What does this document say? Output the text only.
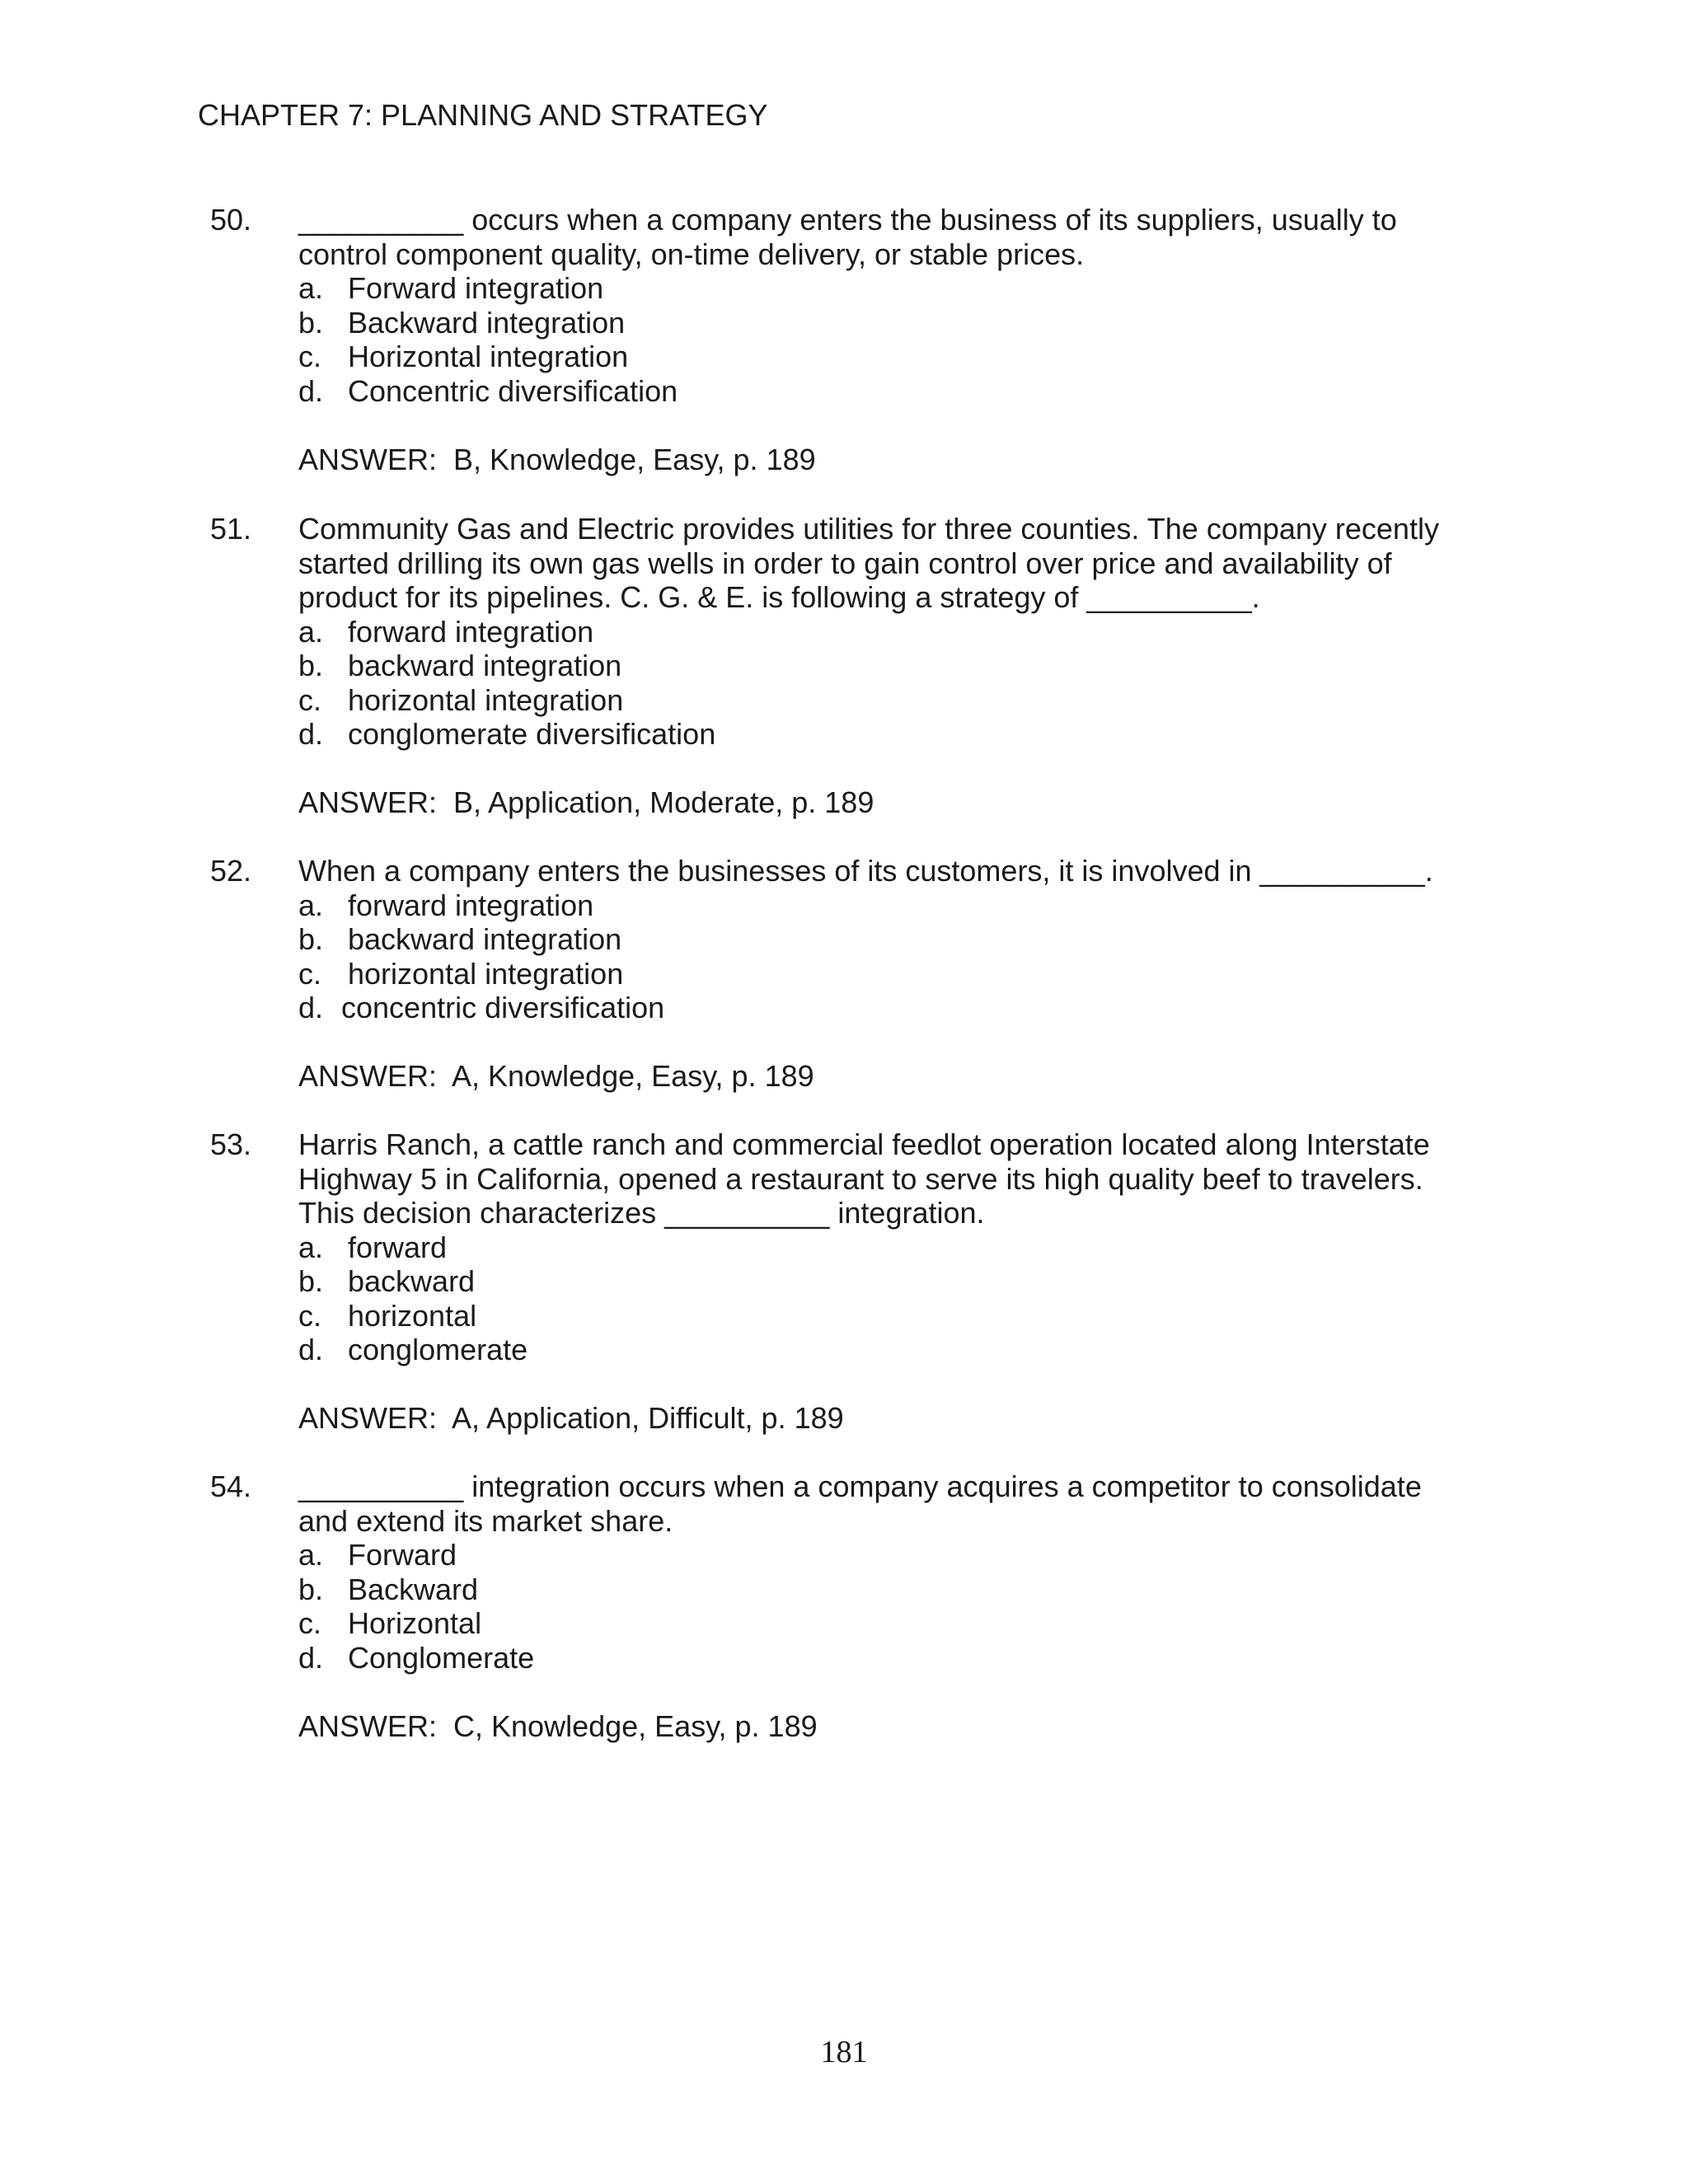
CHAPTER 7: PLANNING AND STRATEGY
50. __________ occurs when a company enters the business of its suppliers, usually to
control component quality, on-time delivery, or stable prices.
a. Forward integration
b. Backward integration
c. Horizontal integration
d. Concentric diversification
ANSWER:  B, Knowledge, Easy, p. 189
51. Community Gas and Electric provides utilities for three counties. The company recently
started drilling its own gas wells in order to gain control over price and availability of
product for its pipelines. C. G. & E. is following a strategy of __________.
a. forward integration
b. backward integration
c. horizontal integration
d. conglomerate diversification
ANSWER:  B, Application, Moderate, p. 189
52. When a company enters the businesses of its customers, it is involved in __________.
a. forward integration
b. backward integration
c. horizontal integration
d. concentric diversification
ANSWER:  A, Knowledge, Easy, p. 189
53. Harris Ranch, a cattle ranch and commercial feedlot operation located along Interstate
Highway 5 in California, opened a restaurant to serve its high quality beef to travelers.
This decision characterizes __________ integration.
a. forward
b. backward
c. horizontal
d. conglomerate
ANSWER:  A, Application, Difficult, p. 189
54. __________ integration occurs when a company acquires a competitor to consolidate
and extend its market share.
a. Forward
b. Backward
c. Horizontal
d. Conglomerate
ANSWER:  C, Knowledge, Easy, p. 189
181
